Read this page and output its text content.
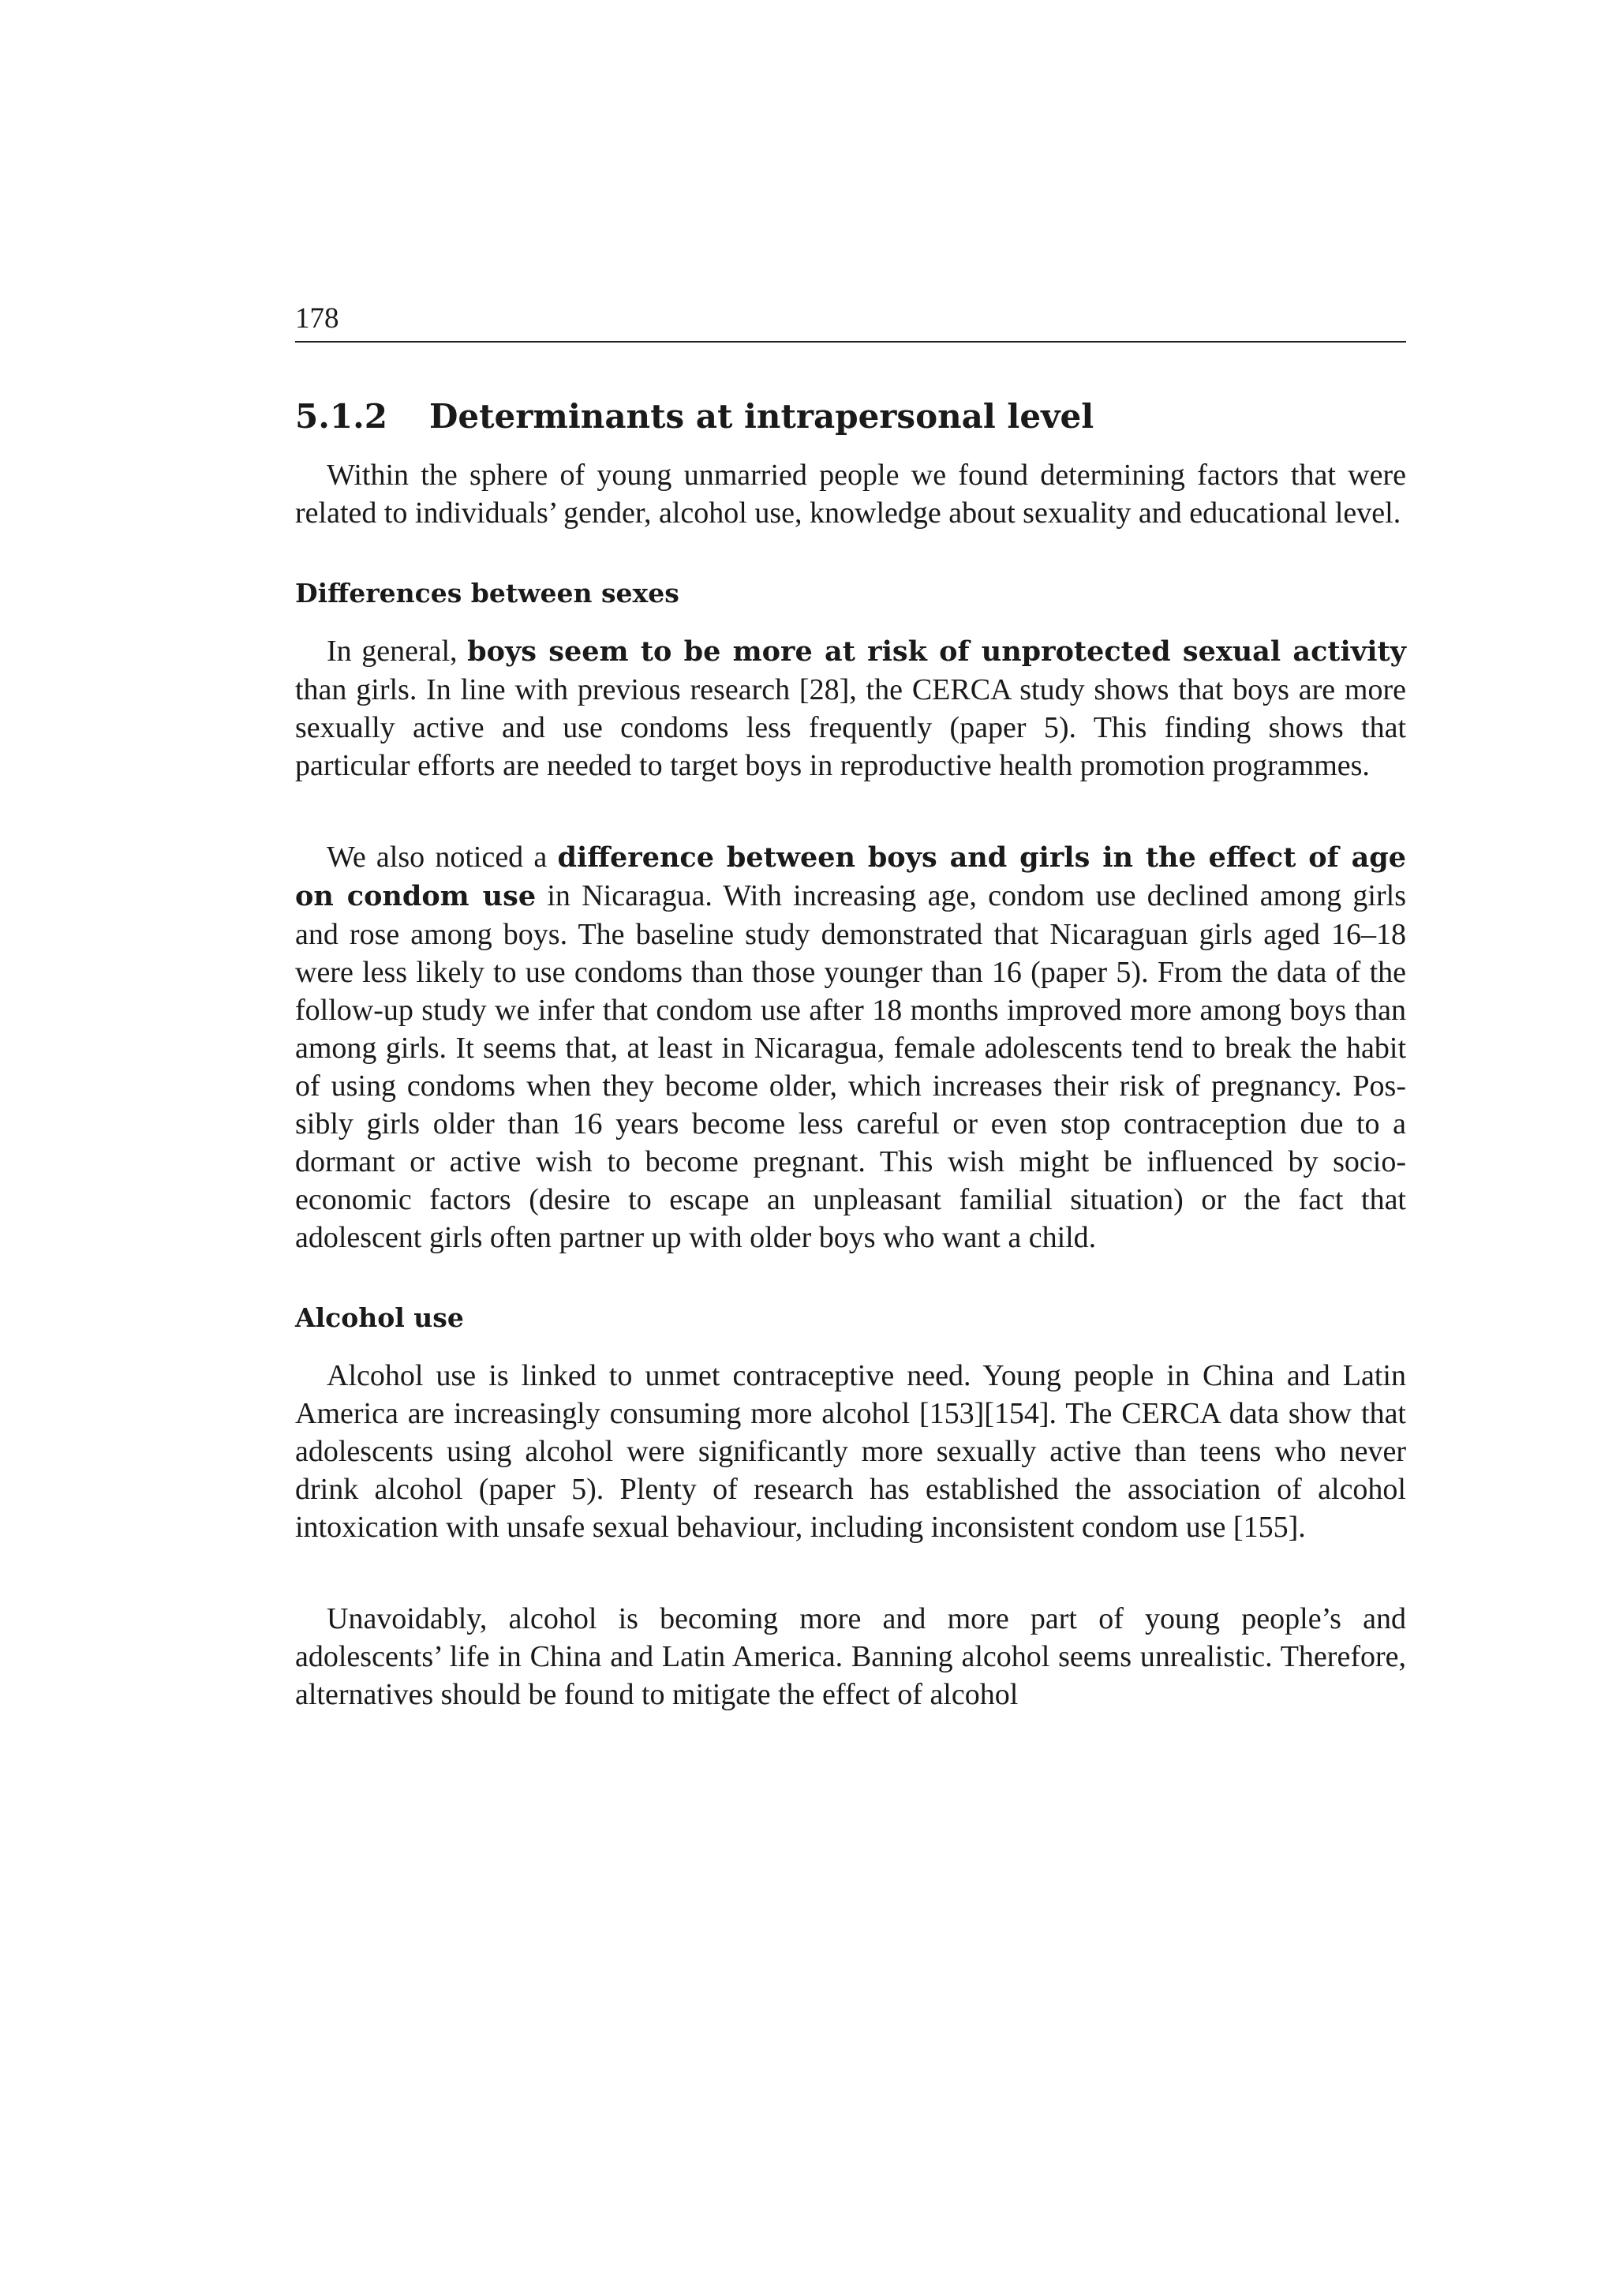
178
5.1.2 Determinants at intrapersonal level

Within the sphere of young unmarried people we found determining factors that were related to individuals’ gender, alcohol use, knowledge about sexuality and educational level.

Differences between sexes

In general, boys seem to be more at risk of unprotected sexual activity than girls. In line with previous research [28], the CERCA study shows that boys are more sexually active and use condoms less frequently (paper 5). This finding shows that particular efforts are needed to target boys in reproductive health promotion programmes.

We also noticed a difference between boys and girls in the effect of age on condom use in Nicaragua. With increasing age, condom use declined among girls and rose among boys. The baseline study demonstrated that Nicaraguan girls aged 16–18 were less likely to use condoms than those younger than 16 (paper 5). From the data of the follow-up study we infer that condom use after 18 months improved more among boys than among girls. It seems that, at least in Nicaragua, female adolescents tend to break the habit of using condoms when they become older, which increases their risk of pregnancy. Possibly girls older than 16 years become less careful or even stop contraception due to a dormant or active wish to become pregnant. This wish might be influenced by socio-economic factors (desire to escape an unpleasant familial situation) or the fact that adolescent girls often partner up with older boys who want a child.

Alcohol use

Alcohol use is linked to unmet contraceptive need. Young people in China and Latin America are increasingly consuming more alcohol [153][154]. The CERCA data show that adolescents using alcohol were significantly more sexually active than teens who never drink alcohol (paper 5). Plenty of research has established the association of alcohol intoxication with unsafe sexual behaviour, including inconsistent condom use [155].

Unavoidably, alcohol is becoming more and more part of young people’s and adolescents’ life in China and Latin America. Banning alcohol seems unrealistic. Therefore, alternatives should be found to mitigate the effect of alcohol
